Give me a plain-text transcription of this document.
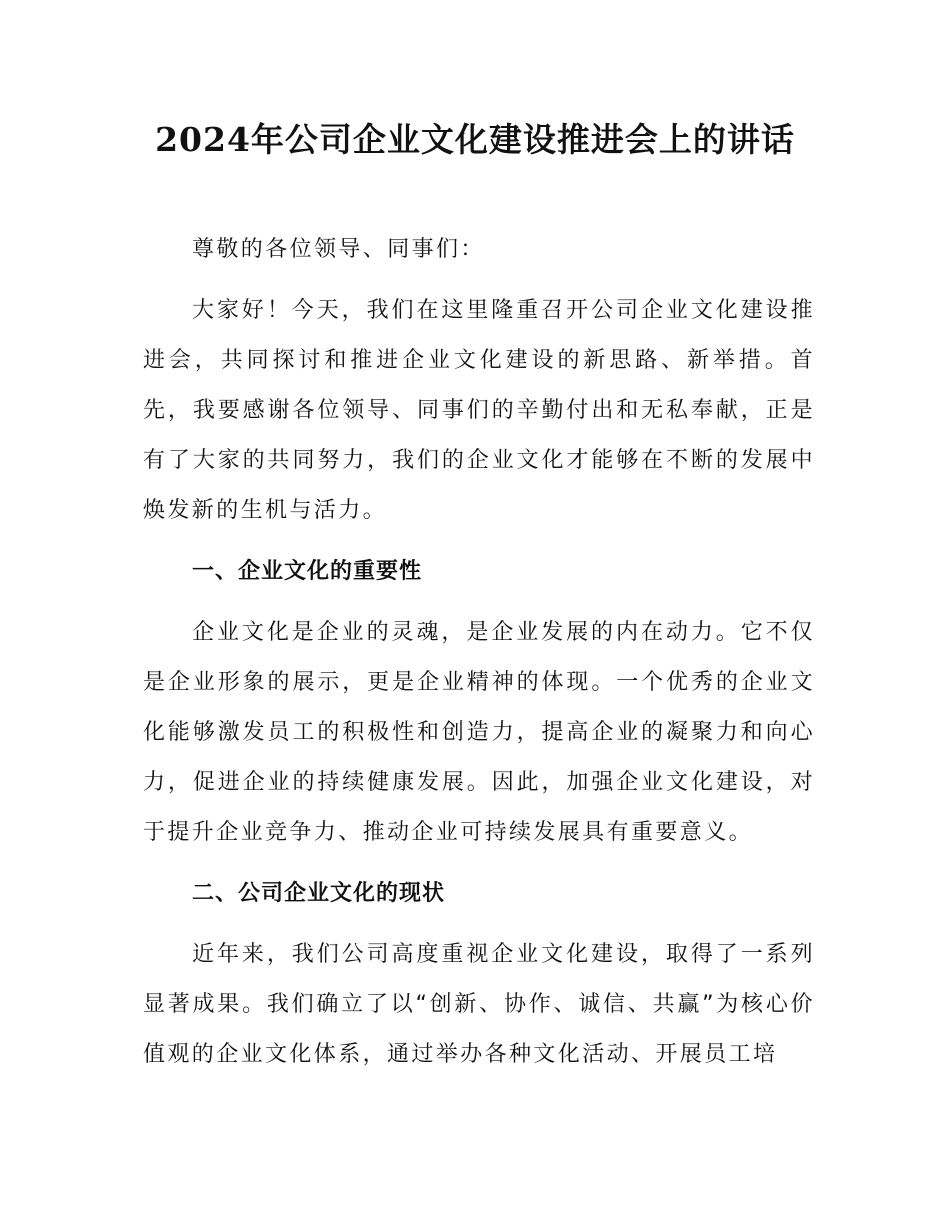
2024年公司企业文化建设推进会上的讲话

尊敬的各位领导、同事们：

大家好！今天，我们在这里隆重召开公司企业文化建设推进会，共同探讨和推进企业文化建设的新思路、新举措。首先，我要感谢各位领导、同事们的辛勤付出和无私奉献，正是有了大家的共同努力，我们的企业文化才能够在不断的发展中焕发新的生机与活力。

一、企业文化的重要性

企业文化是企业的灵魂，是企业发展的内在动力。它不仅是企业形象的展示，更是企业精神的体现。一个优秀的企业文化能够激发员工的积极性和创造力，提高企业的凝聚力和向心力，促进企业的持续健康发展。因此，加强企业文化建设，对于提升企业竞争力、推动企业可持续发展具有重要意义。

二、公司企业文化的现状

近年来，我们公司高度重视企业文化建设，取得了一系列显著成果。我们确立了以“创新、协作、诚信、共赢”为核心价值观的企业文化体系，通过举办各种文化活动、开展员工培
